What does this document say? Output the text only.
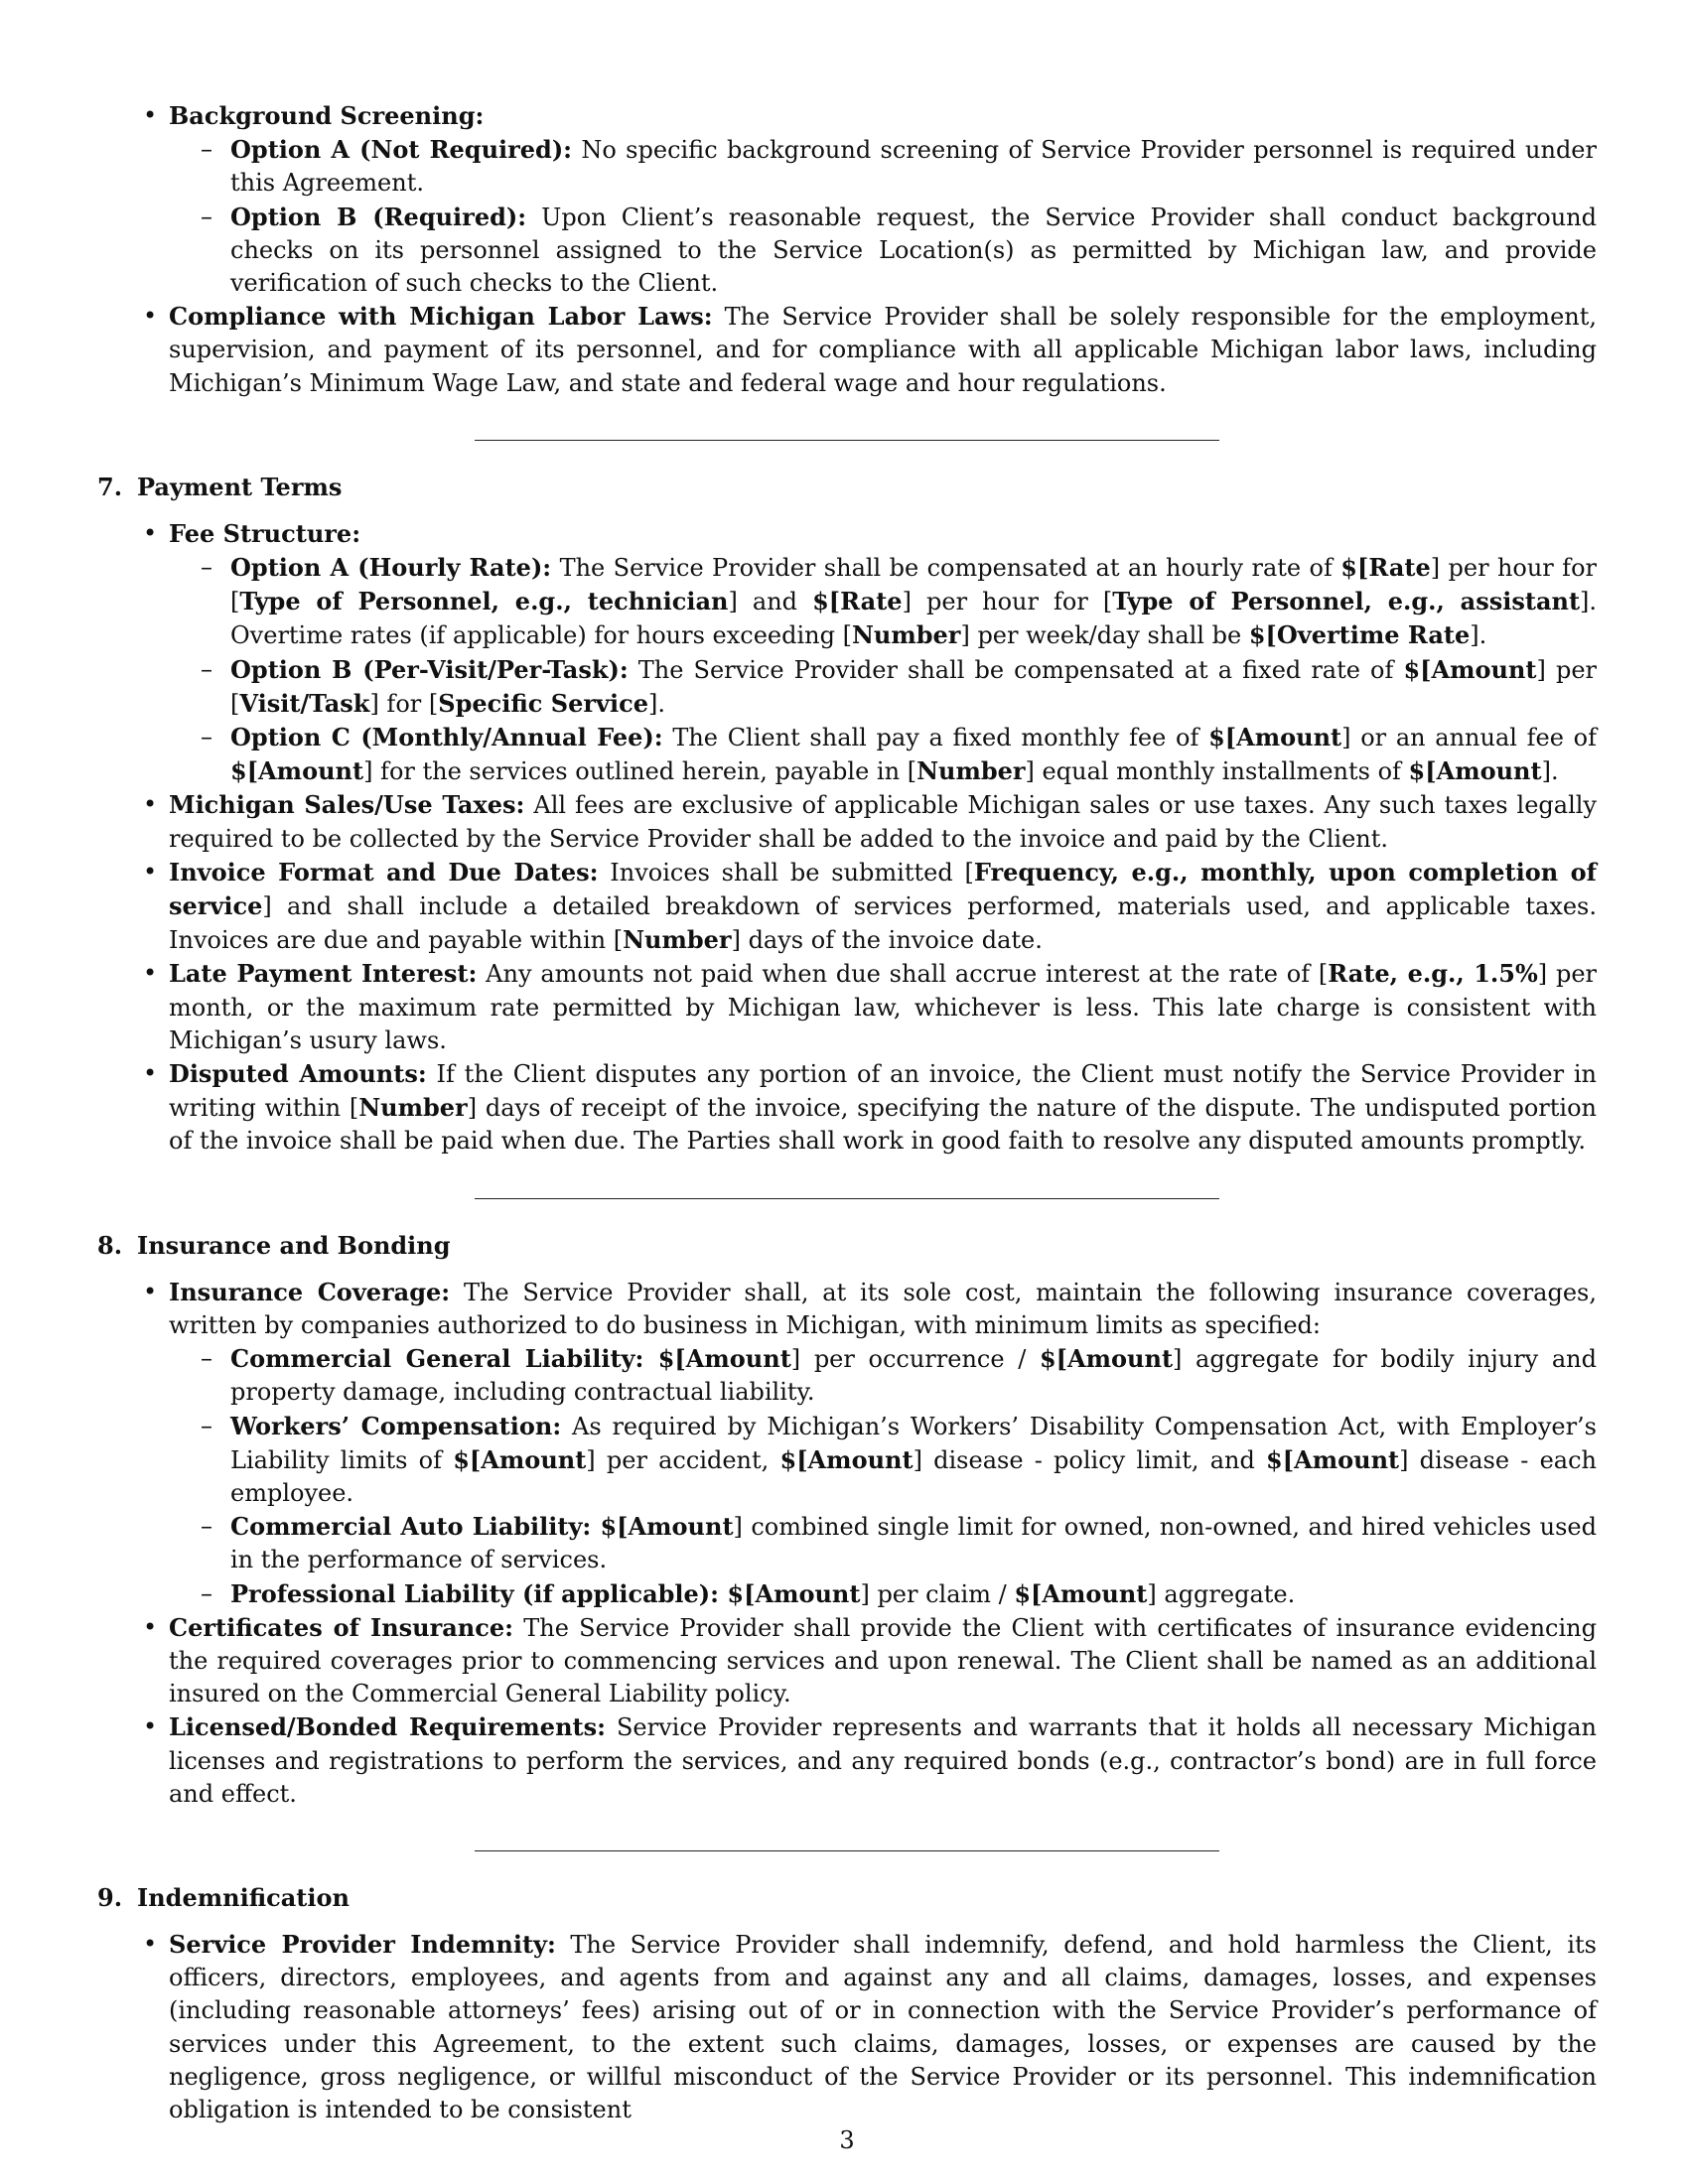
• Background Screening:
– Option A (Not Required): No specific background screening of Service Provider personnel is required under this Agreement.
– Option B (Required): Upon Client’s reasonable request, the Service Provider shall conduct background checks on its personnel assigned to the Service Location(s) as permitted by Michigan law, and provide verification of such checks to the Client.
• Compliance with Michigan Labor Laws: The Service Provider shall be solely responsible for the employment, supervision, and payment of its personnel, and for compliance with all applicable Michigan labor laws, including Michigan’s Minimum Wage Law, and state and federal wage and hour regulations.
7. Payment Terms
• Fee Structure:
– Option A (Hourly Rate): The Service Provider shall be compensated at an hourly rate of $[Rate] per hour for [Type of Personnel, e.g., technician] and $[Rate] per hour for [Type of Personnel, e.g., assistant]. Overtime rates (if applicable) for hours exceeding [Number] per week/day shall be $[Overtime Rate].
– Option B (Per-Visit/Per-Task): The Service Provider shall be compensated at a fixed rate of $[Amount] per [Visit/Task] for [Specific Service].
– Option C (Monthly/Annual Fee): The Client shall pay a fixed monthly fee of $[Amount] or an annual fee of $[Amount] for the services outlined herein, payable in [Number] equal monthly installments of $[Amount].
• Michigan Sales/Use Taxes: All fees are exclusive of applicable Michigan sales or use taxes. Any such taxes legally required to be collected by the Service Provider shall be added to the invoice and paid by the Client.
• Invoice Format and Due Dates: Invoices shall be submitted [Frequency, e.g., monthly, upon completion of service] and shall include a detailed breakdown of services performed, materials used, and applicable taxes. Invoices are due and payable within [Number] days of the invoice date.
• Late Payment Interest: Any amounts not paid when due shall accrue interest at the rate of [Rate, e.g., 1.5%] per month, or the maximum rate permitted by Michigan law, whichever is less. This late charge is consistent with Michigan’s usury laws.
• Disputed Amounts: If the Client disputes any portion of an invoice, the Client must notify the Service Provider in writing within [Number] days of receipt of the invoice, specifying the nature of the dispute. The undisputed portion of the invoice shall be paid when due. The Parties shall work in good faith to resolve any disputed amounts promptly.
8. Insurance and Bonding
• Insurance Coverage: The Service Provider shall, at its sole cost, maintain the following insurance coverages, written by companies authorized to do business in Michigan, with minimum limits as specified:
– Commercial General Liability: $[Amount] per occurrence / $[Amount] aggregate for bodily injury and property damage, including contractual liability.
– Workers’ Compensation: As required by Michigan’s Workers’ Disability Compensation Act, with Employer’s Liability limits of $[Amount] per accident, $[Amount] disease - policy limit, and $[Amount] disease - each employee.
– Commercial Auto Liability: $[Amount] combined single limit for owned, non-owned, and hired vehicles used in the performance of services.
– Professional Liability (if applicable): $[Amount] per claim / $[Amount] aggregate.
• Certificates of Insurance: The Service Provider shall provide the Client with certificates of insurance evidencing the required coverages prior to commencing services and upon renewal. The Client shall be named as an additional insured on the Commercial General Liability policy.
• Licensed/Bonded Requirements: Service Provider represents and warrants that it holds all necessary Michigan licenses and registrations to perform the services, and any required bonds (e.g., contractor’s bond) are in full force and effect.
9. Indemnification
• Service Provider Indemnity: The Service Provider shall indemnify, defend, and hold harmless the Client, its officers, directors, employees, and agents from and against any and all claims, damages, losses, and expenses (including reasonable attorneys’ fees) arising out of or in connection with the Service Provider’s performance of services under this Agreement, to the extent such claims, damages, losses, or expenses are caused by the negligence, gross negligence, or willful misconduct of the Service Provider or its personnel. This indemnification obligation is intended to be consistent
3
